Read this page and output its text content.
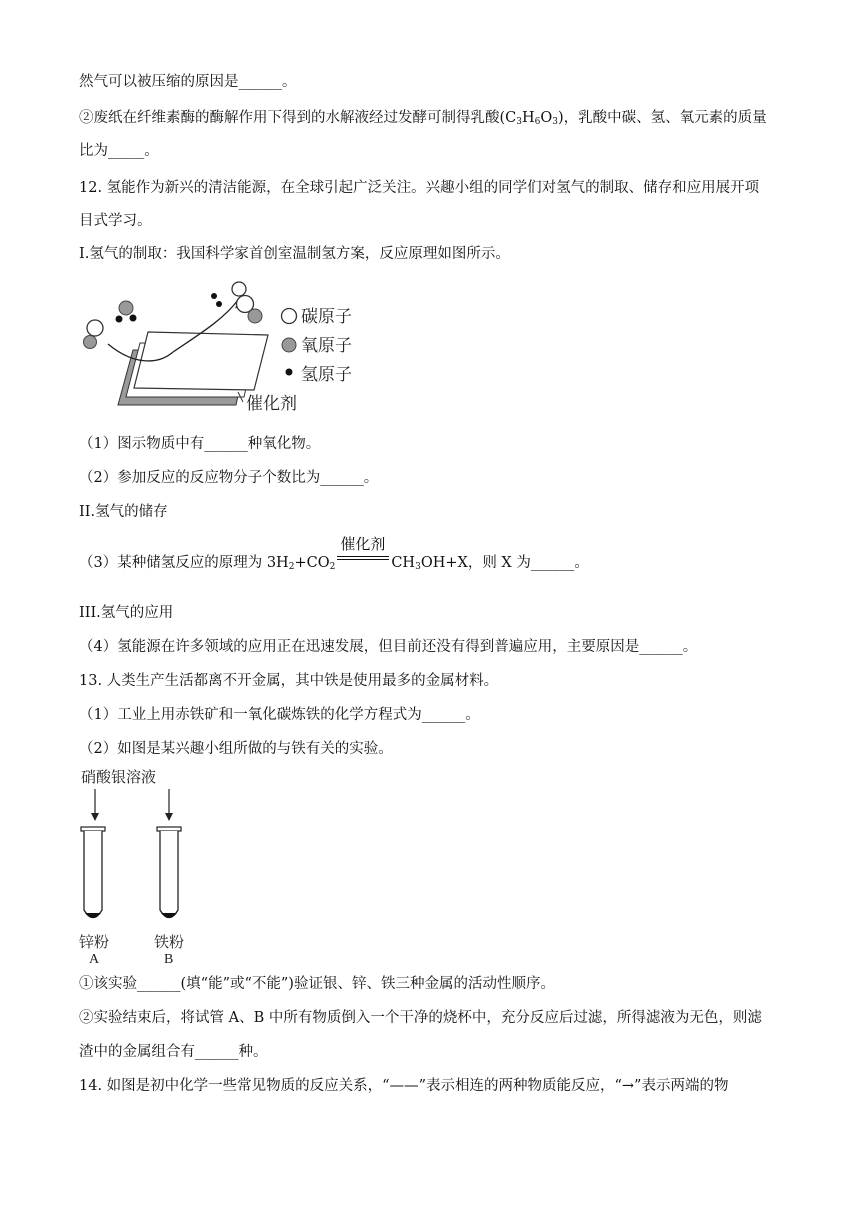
然气可以被压缩的原因是______。
②废纸在纤维素酶的酶解作用下得到的水解液经过发酵可制得乳酸$(C_3H_6O_3)$，乳酸中碳、氢、氧元素的质量
比为_____。
12. 氢能作为新兴的清洁能源，在全球引起广泛关注。兴趣小组的同学们对氢气的制取、储存和应用展开项
目式学习。
I.氢气的制取：我国科学家首创室温制氢方案，反应原理如图所示。
碳原子
氧原子
氢原子
催化剂
（1）图示物质中有______种氧化物。
（2）参加反应的反应物分子个数比为______。
II.氢气的储存
（3）某种储氢反应的原理为 $3H_2+CO_2$
催化剂
$CH_3OH+X$，则 X 为______。
III.氢气的应用
（4）氢能源在许多领域的应用正在迅速发展，但目前还没有得到普遍应用，主要原因是______。
13. 人类生产生活都离不开金属，其中铁是使用最多的金属材料。
（1）工业上用赤铁矿和一氧化碳炼铁的化学方程式为______。
（2）如图是某兴趣小组所做的与铁有关的实验。
硝酸银溶液
锌粉
A
铁粉
B
①该实验______(填“能”或“不能”)验证银、锌、铁三种金属的活动性顺序。
②实验结束后，将试管 A、B 中所有物质倒入一个干净的烧杯中，充分反应后过滤，所得滤液为无色，则滤
渣中的金属组合有______种。
14. 如图是初中化学一些常见物质的反应关系，“——”表示相连的两种物质能反应，“→”表示两端的物
